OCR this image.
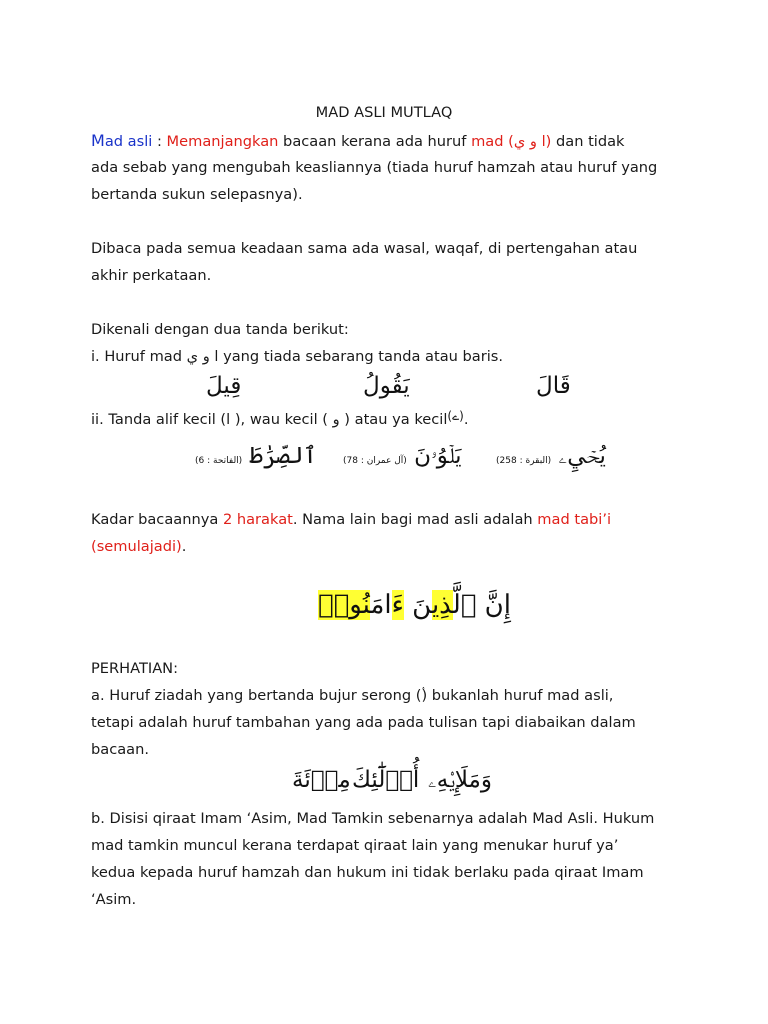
MAD ASLI MUTLAQ
Mad asli : Memanjangkan bacaan kerana ada huruf mad (ا و ي) dan tidak
ada sebab yang mengubah keasliannya (tiada huruf hamzah atau huruf yang
bertanda sukun selepasnya).
Dibaca pada semua keadaan sama ada wasal, waqaf, di pertengahan atau
akhir perkataan.
Dikenali dengan dua tanda berikut:
i. Huruf mad ا و ي yang tiada sebarang tanda atau baris.
قَالَ
يَقُولُ
قِيلَ
ii. Tanda alif kecil (ا ), wau kecil ( و ) atau ya kecil$^{(ے)}$.
يُحۡيِۦ (البقرة : 258)
يَلۡوُۥنَ (آل عمران : 78)
ٱلصِّرَٰطَ (الفاتحة : 6)
Kadar bacaannya 2 harakat. Nama lain bagi mad asli adalah mad tabi’i
(semulajadi).
إِنَّ ٱلَّذِينَ ءَامَنُوا۟
PERHATIAN:
a. Huruf ziadah yang bertanda bujur serong (۟) bukanlah huruf mad asli,
tetapi adalah huruf tambahan yang ada pada tulisan tapi diabaikan dalam
bacaan.
وَمَلَإِي۟هِۦ
أُو۟لَٰٓئِكَ
مِا۟ئَةَ
b. Disisi qiraat Imam ‘Asim, Mad Tamkin sebenarnya adalah Mad Asli. Hukum
mad tamkin muncul kerana terdapat qiraat lain yang menukar huruf ya’
kedua kepada huruf hamzah dan hukum ini tidak berlaku pada qiraat Imam
‘Asim.
